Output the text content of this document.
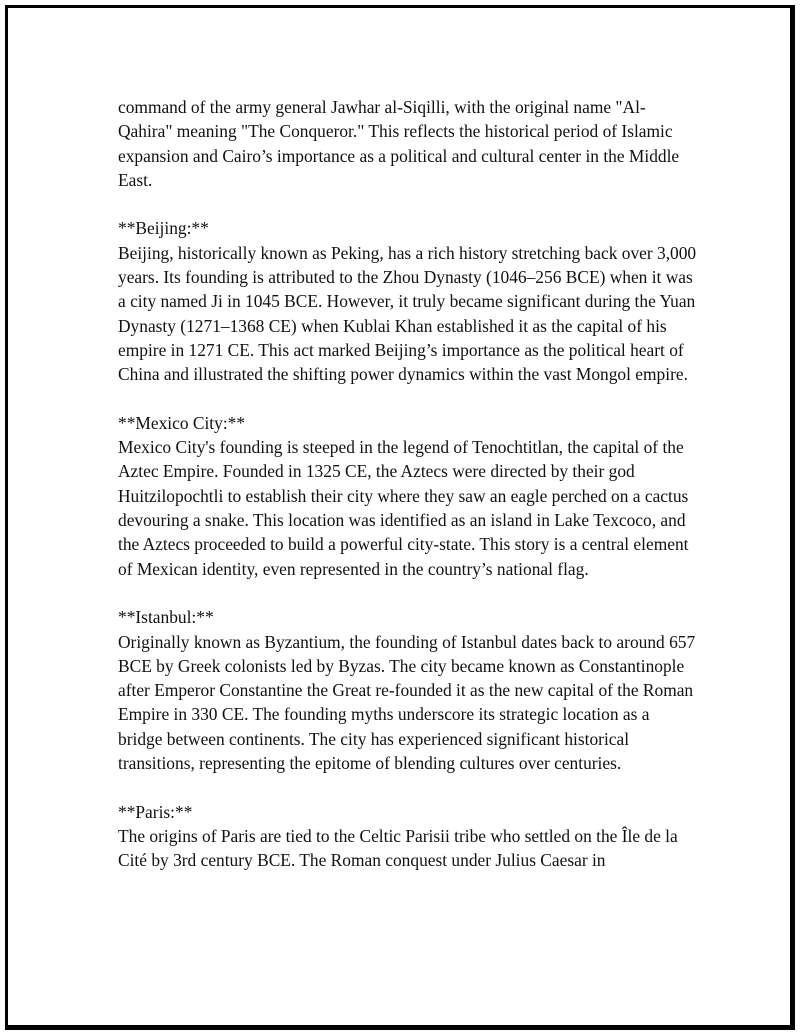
command of the army general Jawhar al-Siqilli, with the original name "Al-Qahira" meaning "The Conqueror." This reflects the historical period of Islamic expansion and Cairo’s importance as a political and cultural center in the Middle East.

**Beijing:**

Beijing, historically known as Peking, has a rich history stretching back over 3,000 years. Its founding is attributed to the Zhou Dynasty (1046–256 BCE) when it was a city named Ji in 1045 BCE. However, it truly became significant during the Yuan Dynasty (1271–1368 CE) when Kublai Khan established it as the capital of his empire in 1271 CE. This act marked Beijing’s importance as the political heart of China and illustrated the shifting power dynamics within the vast Mongol empire.

**Mexico City:**

Mexico City's founding is steeped in the legend of Tenochtitlan, the capital of the Aztec Empire. Founded in 1325 CE, the Aztecs were directed by their god Huitzilopochtli to establish their city where they saw an eagle perched on a cactus devouring a snake. This location was identified as an island in Lake Texcoco, and the Aztecs proceeded to build a powerful city-state. This story is a central element of Mexican identity, even represented in the country’s national flag.

**Istanbul:**

Originally known as Byzantium, the founding of Istanbul dates back to around 657 BCE by Greek colonists led by Byzas. The city became known as Constantinople after Emperor Constantine the Great re-founded it as the new capital of the Roman Empire in 330 CE. The founding myths underscore its strategic location as a bridge between continents. The city has experienced significant historical transitions, representing the epitome of blending cultures over centuries.

**Paris:**

The origins of Paris are tied to the Celtic Parisii tribe who settled on the Île de la Cité by 3rd century BCE. The Roman conquest under Julius Caesar in
